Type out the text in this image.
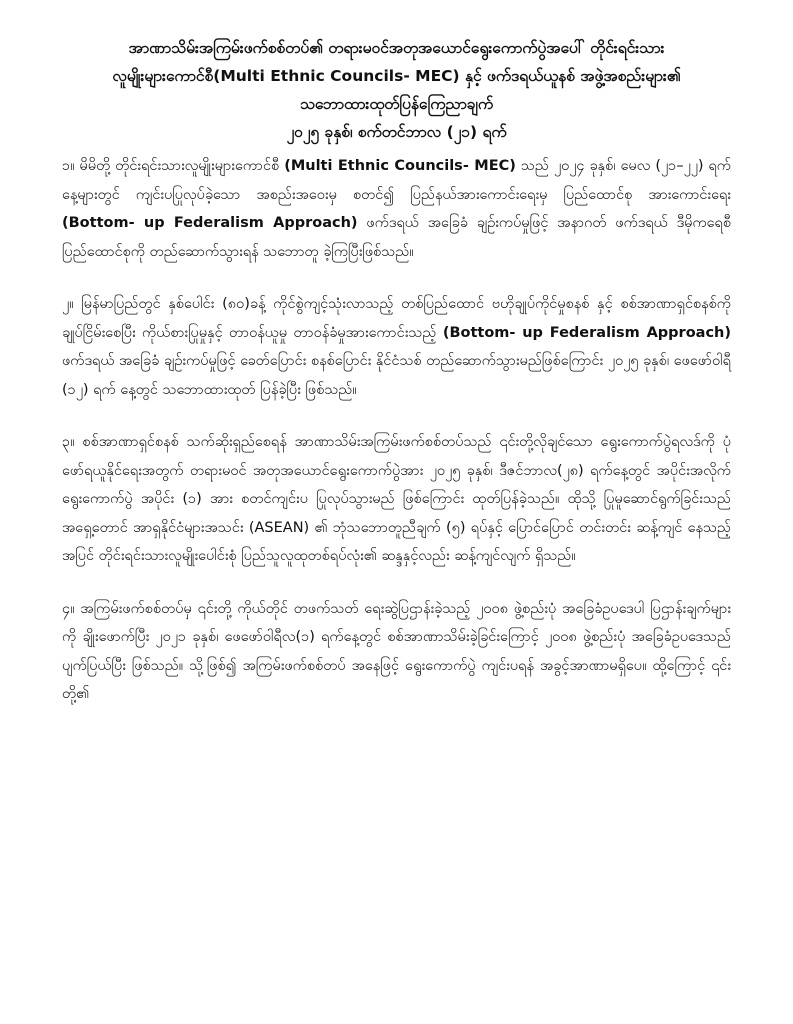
အာဏာသိမ်းအကြမ်းဖက်စစ်တပ်၏ တရားမဝင်အတုအယောင်ရွေးကောက်ပွဲအပေါ် တိုင်းရင်းသား
လူမျိုးများကောင်စီ(Multi Ethnic Councils- MEC) နှင့် ဖက်ဒရယ်ယူနစ် အဖွဲ့အစည်းများ၏
သဘောထားထုတ်ပြန်ကြေညာချက်
၂၀၂၅ ခုနှစ်၊ စက်တင်ဘာလ (၂၁) ရက်

၁။ မိမိတို့ တိုင်းရင်းသားလူမျိုးများကောင်စီ (Multi Ethnic Councils- MEC) သည် ၂၀၂၄ ခုနှစ်၊ မေလ (၂၁–၂၂) ရက်နေ့များတွင် ကျင်းပပြုလုပ်ခဲ့သော အစည်းအဝေးမှ စတင်၍ ပြည်နယ်အားကောင်းရေးမှ ပြည်ထောင်စု အားကောင်းရေး (Bottom- up Federalism Approach) ဖက်ဒရယ် အခြေခံ ချဉ်းကပ်မှုဖြင့် အနာဂတ် ဖက်ဒရယ် ဒီမိုကရေစီပြည်ထောင်စုကို တည်ဆောက်သွားရန် သဘောတူ ခဲ့ကြပြီးဖြစ်သည်။

၂။ မြန်မာပြည်တွင် နှစ်ပေါင်း (၈၀)ခန့် ကိုင်စွဲကျင့်သုံးလာသည့် တစ်ပြည်ထောင် ဗဟိုချုပ်ကိုင်မှုစနစ် နှင့် စစ်အာဏာရှင်စနစ်ကိုချုပ်ငြိမ်းစေပြီး ကိုယ်စားပြုမှုနှင့် တာဝန်ယူမှု တာဝန်ခံမှုအားကောင်းသည့် (Bottom- up Federalism Approach) ဖက်ဒရယ် အခြေခံ ချဉ်းကပ်မှုဖြင့် ခေတ်ပြောင်း စနစ်ပြောင်း နိုင်ငံသစ် တည်ဆောက်သွားမည်ဖြစ်ကြောင်း ၂၀၂၅ ခုနှစ်၊ ဖေဖော်ဝါရီ (၁၂) ရက် နေ့တွင် သဘောထားထုတ် ပြန်ခဲ့ပြီး ဖြစ်သည်။

၃။ စစ်အာဏာရှင်စနစ် သက်ဆိုးရှည်စေရန် အာဏာသိမ်းအကြမ်းဖက်စစ်တပ်သည် ၎င်းတို့လိုချင်သော ရွေးကောက်ပွဲရလဒ်ကို ပုံဖော်ရယူနိုင်ရေးအတွက် တရားမဝင် အတုအယောင်ရွေးကောက်ပွဲအား ၂၀၂၅ ခုနှစ်၊ ဒီဇင်ဘာလ(၂၈) ရက်နေ့တွင် အပိုင်းအလိုက် ရွေးကောက်ပွဲ အပိုင်း (၁) အား စတင်ကျင်းပ ပြုလုပ်သွားမည် ဖြစ်ကြောင်း ထုတ်ပြန်ခဲ့သည်။ ထိုသို့ ပြုမူဆောင်ရွက်ခြင်းသည် အရှေ့တောင် အာရှနိုင်ငံများအသင်း (ASEAN) ၏ ဘုံသဘောတူညီချက် (၅) ရပ်နှင့် ပြောင်ပြောင် တင်းတင်း ဆန့်ကျင် နေသည့်အပြင် တိုင်းရင်းသားလူမျိုးပေါင်းစုံ ပြည်သူလူထုတစ်ရပ်လုံး၏ ဆန္ဒနှင့်လည်း ဆန့်ကျင်လျက် ရှိသည်။

၄။ အကြမ်းဖက်စစ်တပ်မှ ၎င်းတို့ ကိုယ်တိုင် တဖက်သတ် ရေးဆွဲပြဌာန်းခဲ့သည့် ၂၀၀၈ ဖွဲ့စည်းပုံ အခြေခံဥပဒေပါ ပြဌာန်းချက်များကို ချိုးဖောက်ပြီး ၂၀၂၁ ခုနှစ်၊ ဖေဖော်ဝါရီလ(၁) ရက်နေ့တွင် စစ်အာဏာသိမ်းခဲ့ခြင်းကြောင့် ၂၀၀၈ ဖွဲ့စည်းပုံ အခြေခံဥပဒေသည် ပျက်ပြယ်ပြီး ဖြစ်သည်။ သို့ဖြစ်၍ အကြမ်းဖက်စစ်တပ် အနေဖြင့် ရွေးကောက်ပွဲ ကျင်းပရန် အခွင့်အာဏာမရှိပေ။ ထို့ကြောင့် ၎င်းတို့၏
